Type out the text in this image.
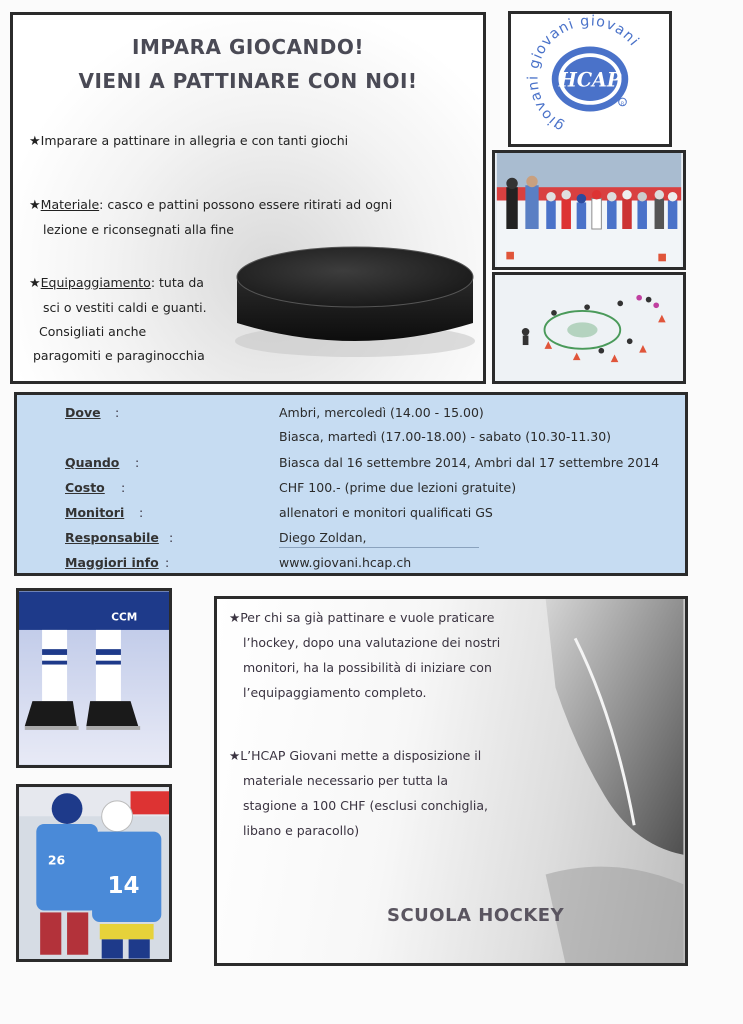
IMPARA GIOCANDO!
VIENI A PATTINARE CON NOI!
★Imparare a pattinare in allegria e con tanti giochi
★Materiale: casco e pattini possono essere ritirati ad ogni
lezione e riconsegnati alla fine
★Equipaggiamento: tuta da
sci o vestiti caldi e guanti.
Consigliati anche
paragomiti e paraginocchia
giovani giovani giovani
HCAP
R
Dove :	Ambri, mercoledì (14.00 - 15.00)
Biasca, martedì (17.00-18.00) - sabato (10.30-11.30)
Quando :	Biasca dal 16 settembre 2014, Ambri dal 17 settembre 2014
Costo :	CHF 100.- (prime due lezioni gratuite)
Monitori :	allenatori e monitori qualificati GS
Responsabile :	Diego Zoldan,
Maggiori info :	www.giovani.hcap.ch
CCM
26
14
★Per chi sa già pattinare e vuole praticare
l’hockey, dopo una valutazione dei nostri
monitori, ha la possibilità di iniziare con
l’equipaggiamento completo.
★L’HCAP Giovani mette a disposizione il
materiale necessario per tutta la
stagione a 100 CHF (esclusi conchiglia,
libano e paracollo)
SCUOLA HOCKEY
